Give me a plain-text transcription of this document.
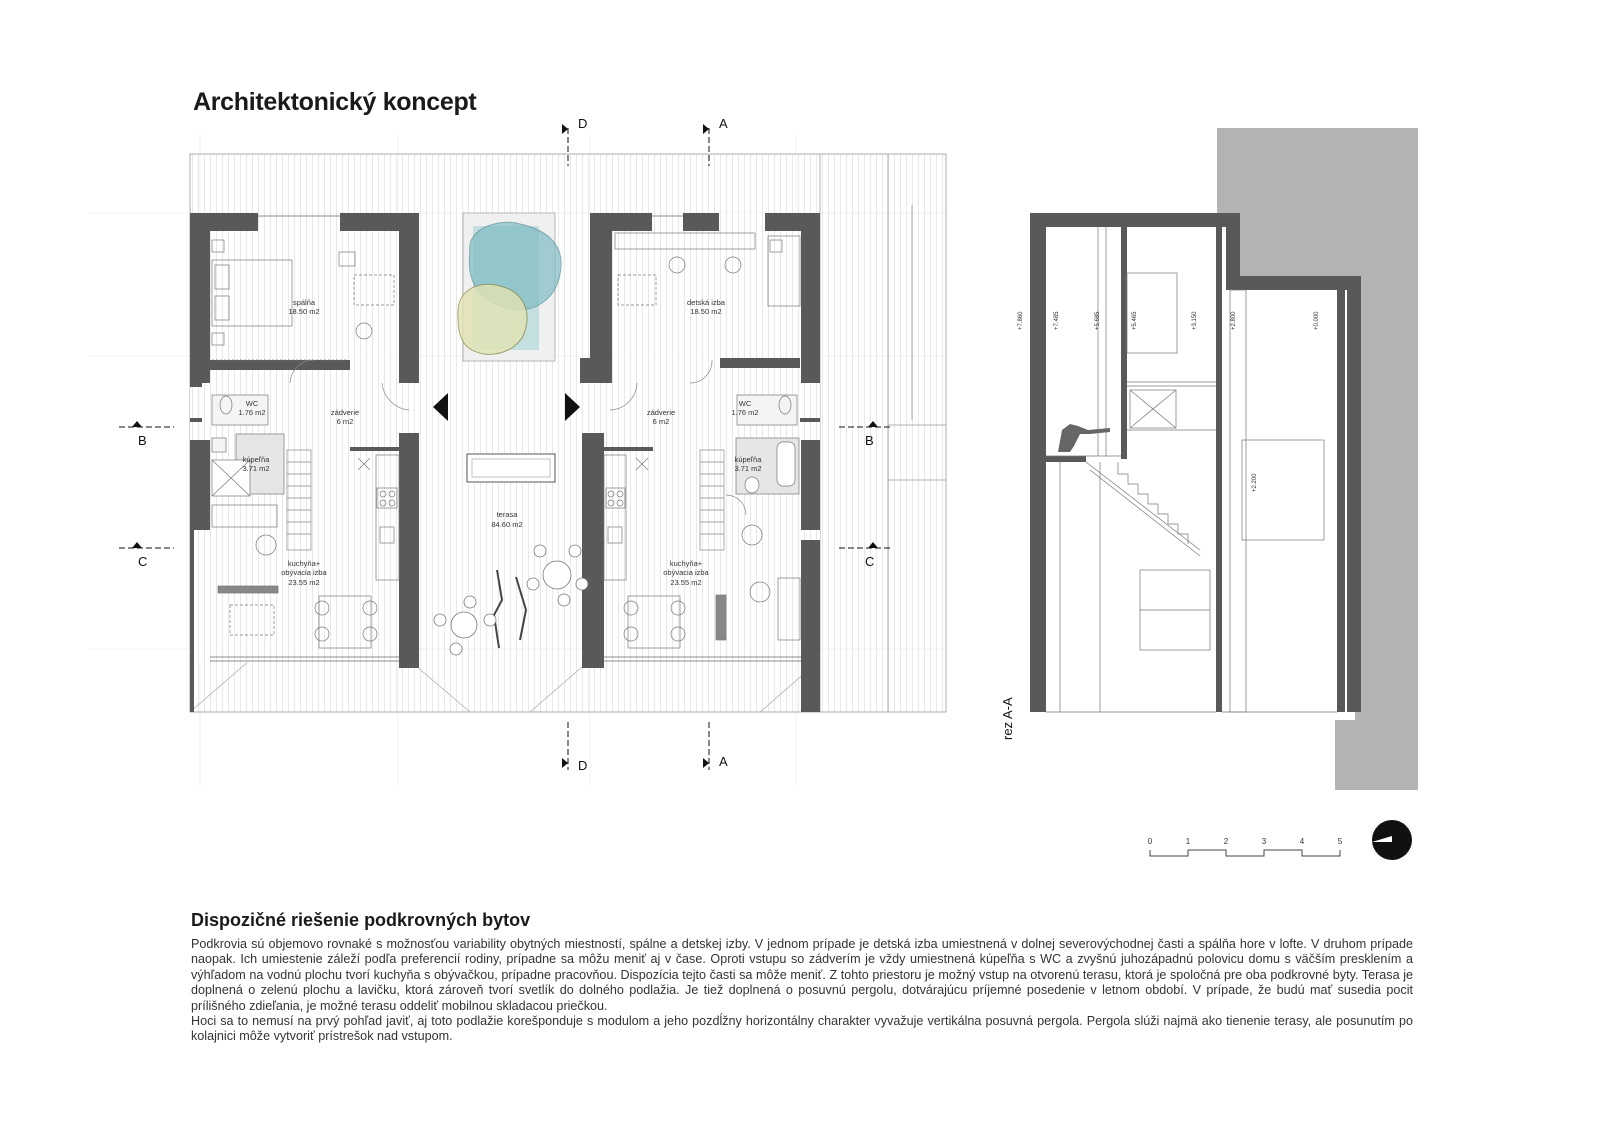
Architektonický koncept
B
C
B
C
D	A
D	A
spálňa
18.50 m2
WC
1.76 m2	zádverie
6 m2
kúpeľňa
3.71 m2
kuchyňa+
obývacia izba
23.55 m2
detská izba
18.50 m2
WC
1.76 m2
zádverie
6 m2
kúpeľňa
3.71 m2
kuchyňa+
obývacia izba
23.55 m2
terasa
84.60 m2
+7.860	+7.485	+5.685	+5.465	+3.150	+2.800	+0.000
+2.200
rez A-A
0	1	2	3	4	5
Dispozičné riešenie podkrovných bytov

Podkrovia sú objemovo rovnaké s možnosťou variability obytných miestností, spálne a detskej izby. V jednom prípade je detská izba umiestnená v dolnej severovýchodnej časti a spálňa hore v lofte. V druhom prípade naopak. Ich umiestenie záleží podľa preferencií rodiny, prípadne sa môžu meniť aj v čase. Oproti vstupu so zádverím je vždy umiestnená kúpeľňa s WC a zvyšnú juhozápadnú polovicu domu s väčším presklením a výhľadom na vodnú plochu tvorí kuchyňa s obývačkou, prípadne pracovňou. Dispozícia tejto časti sa môže meniť. Z tohto priestoru je možný vstup na otvorenú terasu, ktorá je spoločná pre oba podkrovné byty. Terasa je doplnená o zelenú plochu a lavičku, ktorá zároveň tvorí svetlík do dolného podlažia. Je tiež doplnená o posuvnú pergolu, dotvárajúcu príjemné posedenie v letnom období. V prípade, že budú mať susedia pocit prílišného zdieľania, je možné terasu oddeliť mobilnou skladacou priečkou.

Hoci sa to nemusí na prvý pohľad javiť, aj toto podlažie korešponduje s modulom a jeho pozdĺžny horizontálny charakter vyvažuje vertikálna posuvná pergola. Pergola slúži najmä ako tienenie terasy, ale posunutím po kolajnici môže vytvoriť prístrešok nad vstupom.
